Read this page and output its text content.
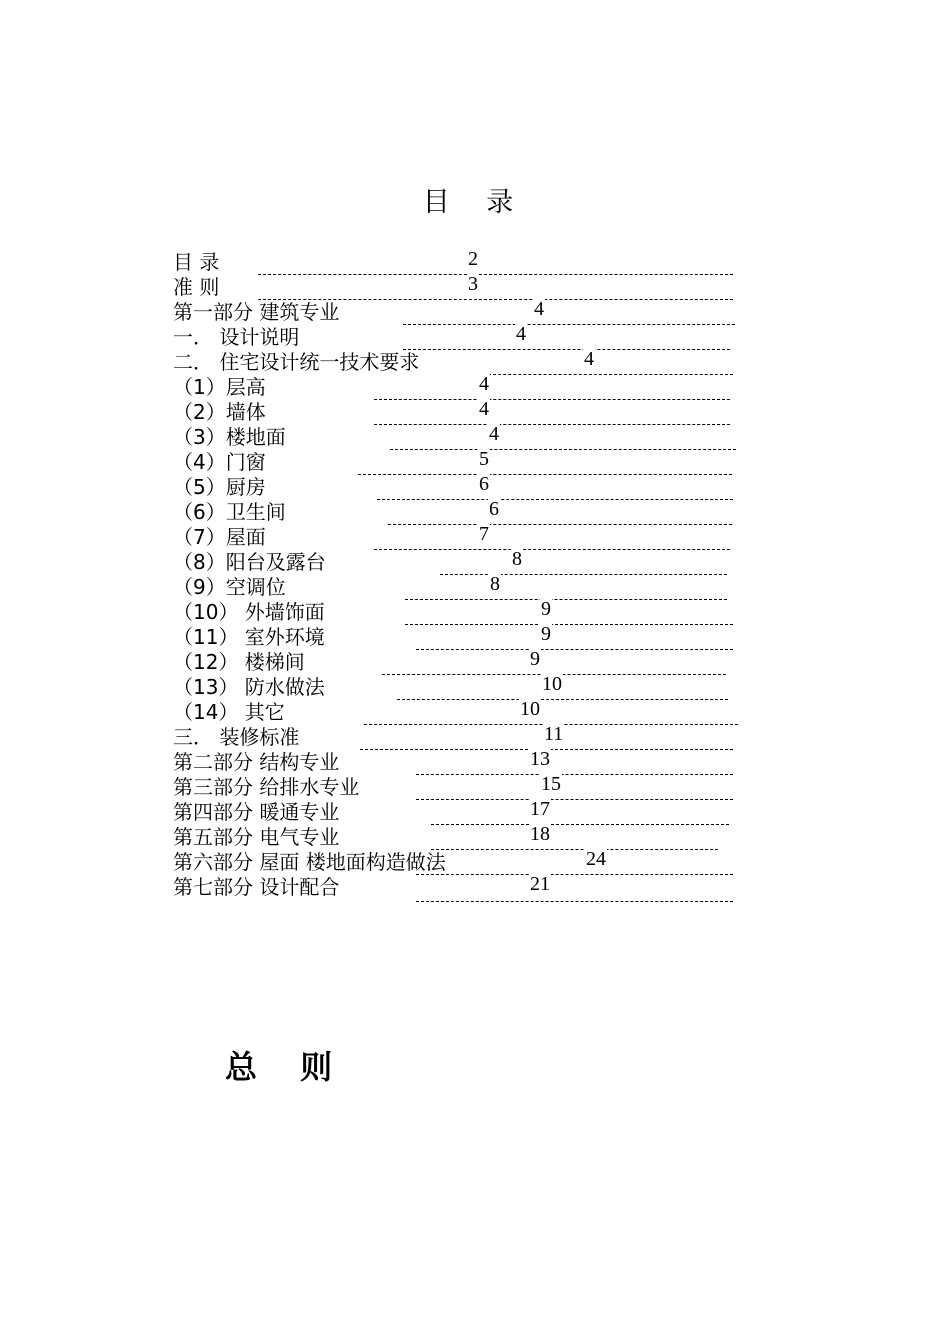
目 录
目 录	2
准 则	3
第一部分 建筑专业	4
一． 设计说明	4
二． 住宅设计统一技术要求	4
（1）层高	4
（2）墙体	4
（3）楼地面	4
（4）门窗	5
（5）厨房	6
（6）卫生间	6
（7）屋面	7
（8）阳台及露台	8
（9）空调位	8
（10） 外墙饰面	9
（11） 室外环境	9
（12） 楼梯间	9
（13） 防水做法	10
（14） 其它	10
三． 装修标准	11
第二部分 结构专业	13
第三部分 给排水专业	15
第四部分 暖通专业	17
第五部分 电气专业	18
第六部分 屋面 楼地面构造做法	24
第七部分 设计配合	21
总 则
